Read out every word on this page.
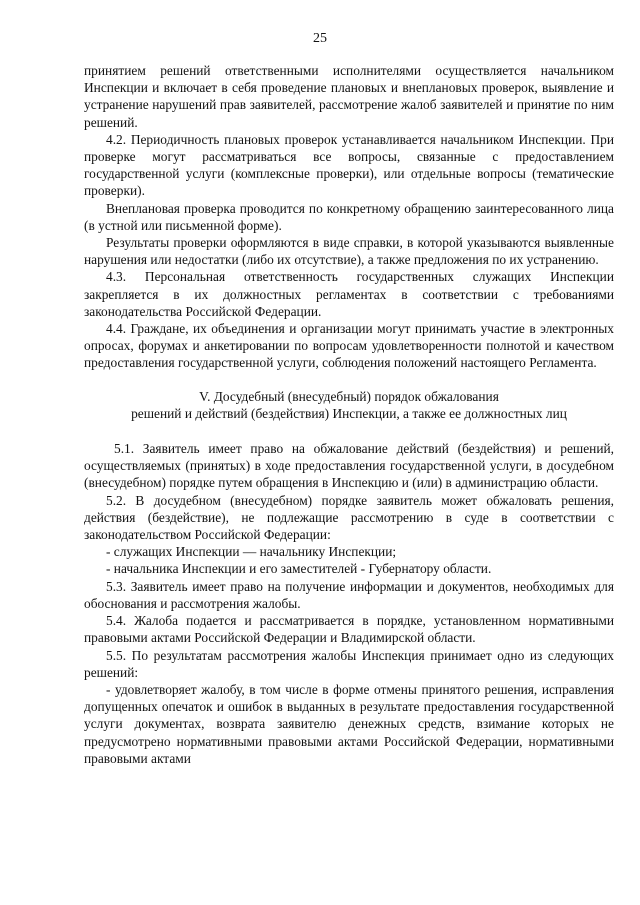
25

принятием решений ответственными исполнителями осуществляется начальником Инспекции и включает в себя проведение плановых и внеплановых проверок, выявление и устранение нарушений прав заявителей, рассмотрение жалоб заявителей и принятие по ним решений.

4.2. Периодичность плановых проверок устанавливается начальником Инспекции. При проверке могут рассматриваться все вопросы, связанные с предоставлением государственной услуги (комплексные проверки), или отдельные вопросы (тематические проверки).

Внеплановая проверка проводится по конкретному обращению заинтересованного лица (в устной или письменной форме).

Результаты проверки оформляются в виде справки, в которой указываются выявленные нарушения или недостатки (либо их отсутствие), а также предложения по их устранению.

4.3. Персональная ответственность государственных служащих Инспекции закрепляется в их должностных регламентах в соответствии с требованиями законодательства Российской Федерации.

4.4. Граждане, их объединения и организации могут принимать участие в электронных опросах, форумах и анкетировании по вопросам удовлетворенности полнотой и качеством предоставления государственной услуги, соблюдения положений настоящего Регламента.

V. Досудебный (внесудебный) порядок обжалования

решений и действий (бездействия) Инспекции, а также ее должностных лиц

5.1. Заявитель имеет право на обжалование действий (бездействия) и решений, осуществляемых (принятых) в ходе предоставления государственной услуги, в досудебном (внесудебном) порядке путем обращения в Инспекцию и (или) в администрацию области.

5.2. В досудебном (внесудебном) порядке заявитель может обжаловать решения, действия (бездействие), не подлежащие рассмотрению в суде в соответствии с законодательством Российской Федерации:

- служащих Инспекции — начальнику Инспекции;

- начальника Инспекции и его заместителей - Губернатору области.

5.3. Заявитель имеет право на получение информации и документов, необходимых для обоснования и рассмотрения жалобы.

5.4. Жалоба подается и рассматривается в порядке, установленном нормативными правовыми актами Российской Федерации и Владимирской области.

5.5. По результатам рассмотрения жалобы Инспекция принимает одно из следующих решений:

- удовлетворяет жалобу, в том числе в форме отмены принятого решения, исправления допущенных опечаток и ошибок в выданных в результате предоставления государственной услуги документах, возврата заявителю денежных средств, взимание которых не предусмотрено нормативными правовыми актами Российской Федерации, нормативными правовыми актами
